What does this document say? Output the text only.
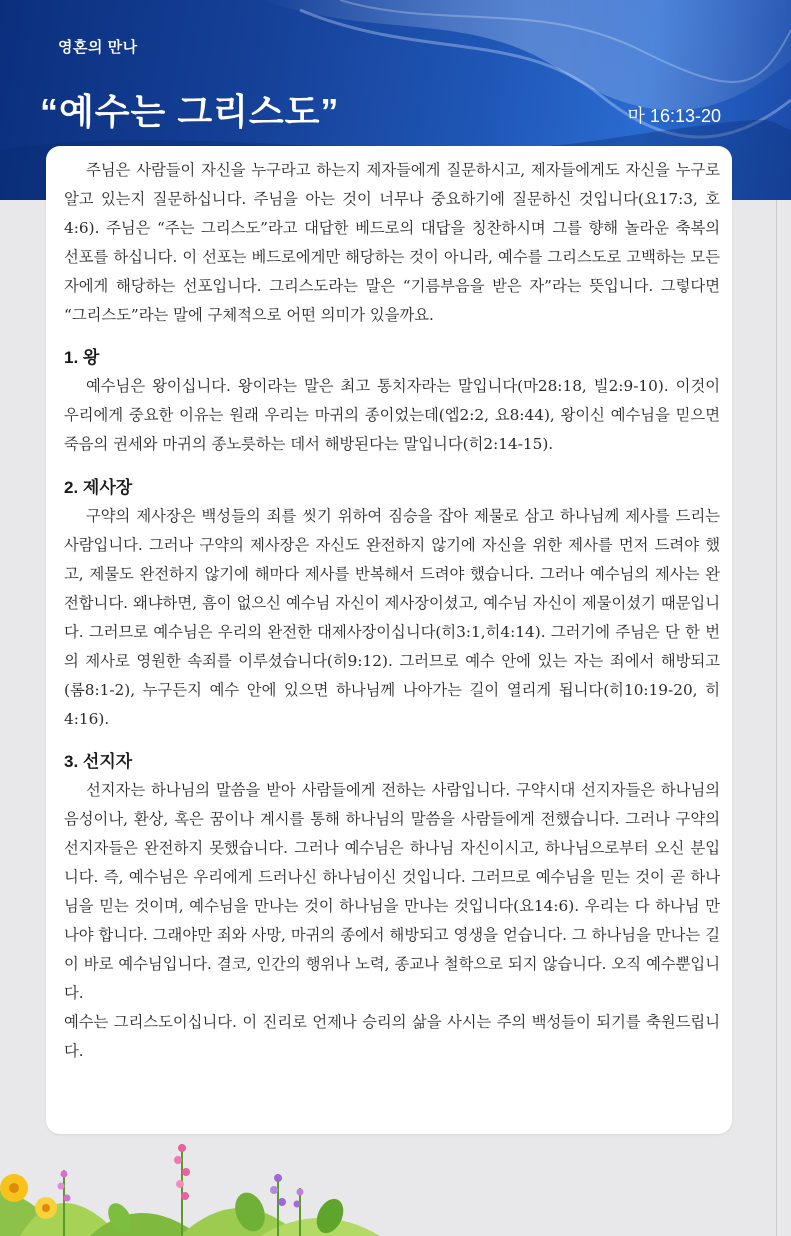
영혼의 만나
“예수는 그리스도”	마 16:13-20

주님은 사람들이 자신을 누구라고 하는지 제자들에게 질문하시고, 제자들에게도 자신을 누구로 알고 있는지 질문하십니다. 주님을 아는 것이 너무나 중요하기에 질문하신 것입니다(요17:3, 호4:6). 주님은 “주는 그리스도”라고 대답한 베드로의 대답을 칭찬하시며 그를 향해 놀라운 축복의 선포를 하십니다. 이 선포는 베드로에게만 해당하는 것이 아니라, 예수를 그리스도로 고백하는 모든 자에게 해당하는 선포입니다. 그리스도라는 말은 “기름부음을 받은 자”라는 뜻입니다. 그렇다면 “그리스도”라는 말에 구체적으로 어떤 의미가 있을까요.

1. 왕

예수님은 왕이십니다. 왕이라는 말은 최고 통치자라는 말입니다(마28:18, 빌2:9-10). 이것이 우리에게 중요한 이유는 원래 우리는 마귀의 종이었는데(엡2:2, 요8:44), 왕이신 예수님을 믿으면 죽음의 권세와 마귀의 종노릇하는 데서 해방된다는 말입니다(히2:14-15).

2. 제사장

구약의 제사장은 백성들의 죄를 씻기 위하여 짐승을 잡아 제물로 삼고 하나님께 제사를 드리는 사람입니다. 그러나 구약의 제사장은 자신도 완전하지 않기에 자신을 위한 제사를 먼저 드려야 했고, 제물도 완전하지 않기에 해마다 제사를 반복해서 드려야 했습니다. 그러나 예수님의 제사는 완전합니다. 왜냐하면, 흠이 없으신 예수님 자신이 제사장이셨고, 예수님 자신이 제물이셨기 때문입니다. 그러므로 예수님은 우리의 완전한 대제사장이십니다(히3:1,히4:14). 그러기에 주님은 단 한 번의 제사로 영원한 속죄를 이루셨습니다(히9:12). 그러므로 예수 안에 있는 자는 죄에서 해방되고(롬8:1-2), 누구든지 예수 안에 있으면 하나님께 나아가는 길이 열리게 됩니다(히10:19-20, 히4:16).

3. 선지자

선지자는 하나님의 말씀을 받아 사람들에게 전하는 사람입니다. 구약시대 선지자들은 하나님의 음성이나, 환상, 혹은 꿈이나 계시를 통해 하나님의 말씀을 사람들에게 전했습니다. 그러나 구약의 선지자들은 완전하지 못했습니다. 그러나 예수님은 하나님 자신이시고, 하나님으로부터 오신 분입니다. 즉, 예수님은 우리에게 드러나신 하나님이신 것입니다. 그러므로 예수님을 믿는 것이 곧 하나님을 믿는 것이며, 예수님을 만나는 것이 하나님을 만나는 것입니다(요14:6). 우리는 다 하나님 만나야 합니다. 그래야만 죄와 사망, 마귀의 종에서 해방되고 영생을 얻습니다. 그 하나님을 만나는 길이 바로 예수님입니다. 결코, 인간의 행위나 노력, 종교나 철학으로 되지 않습니다. 오직 예수뿐입니다.

예수는 그리스도이십니다. 이 진리로 언제나 승리의 삶을 사시는 주의 백성들이 되기를 축원드립니다.
